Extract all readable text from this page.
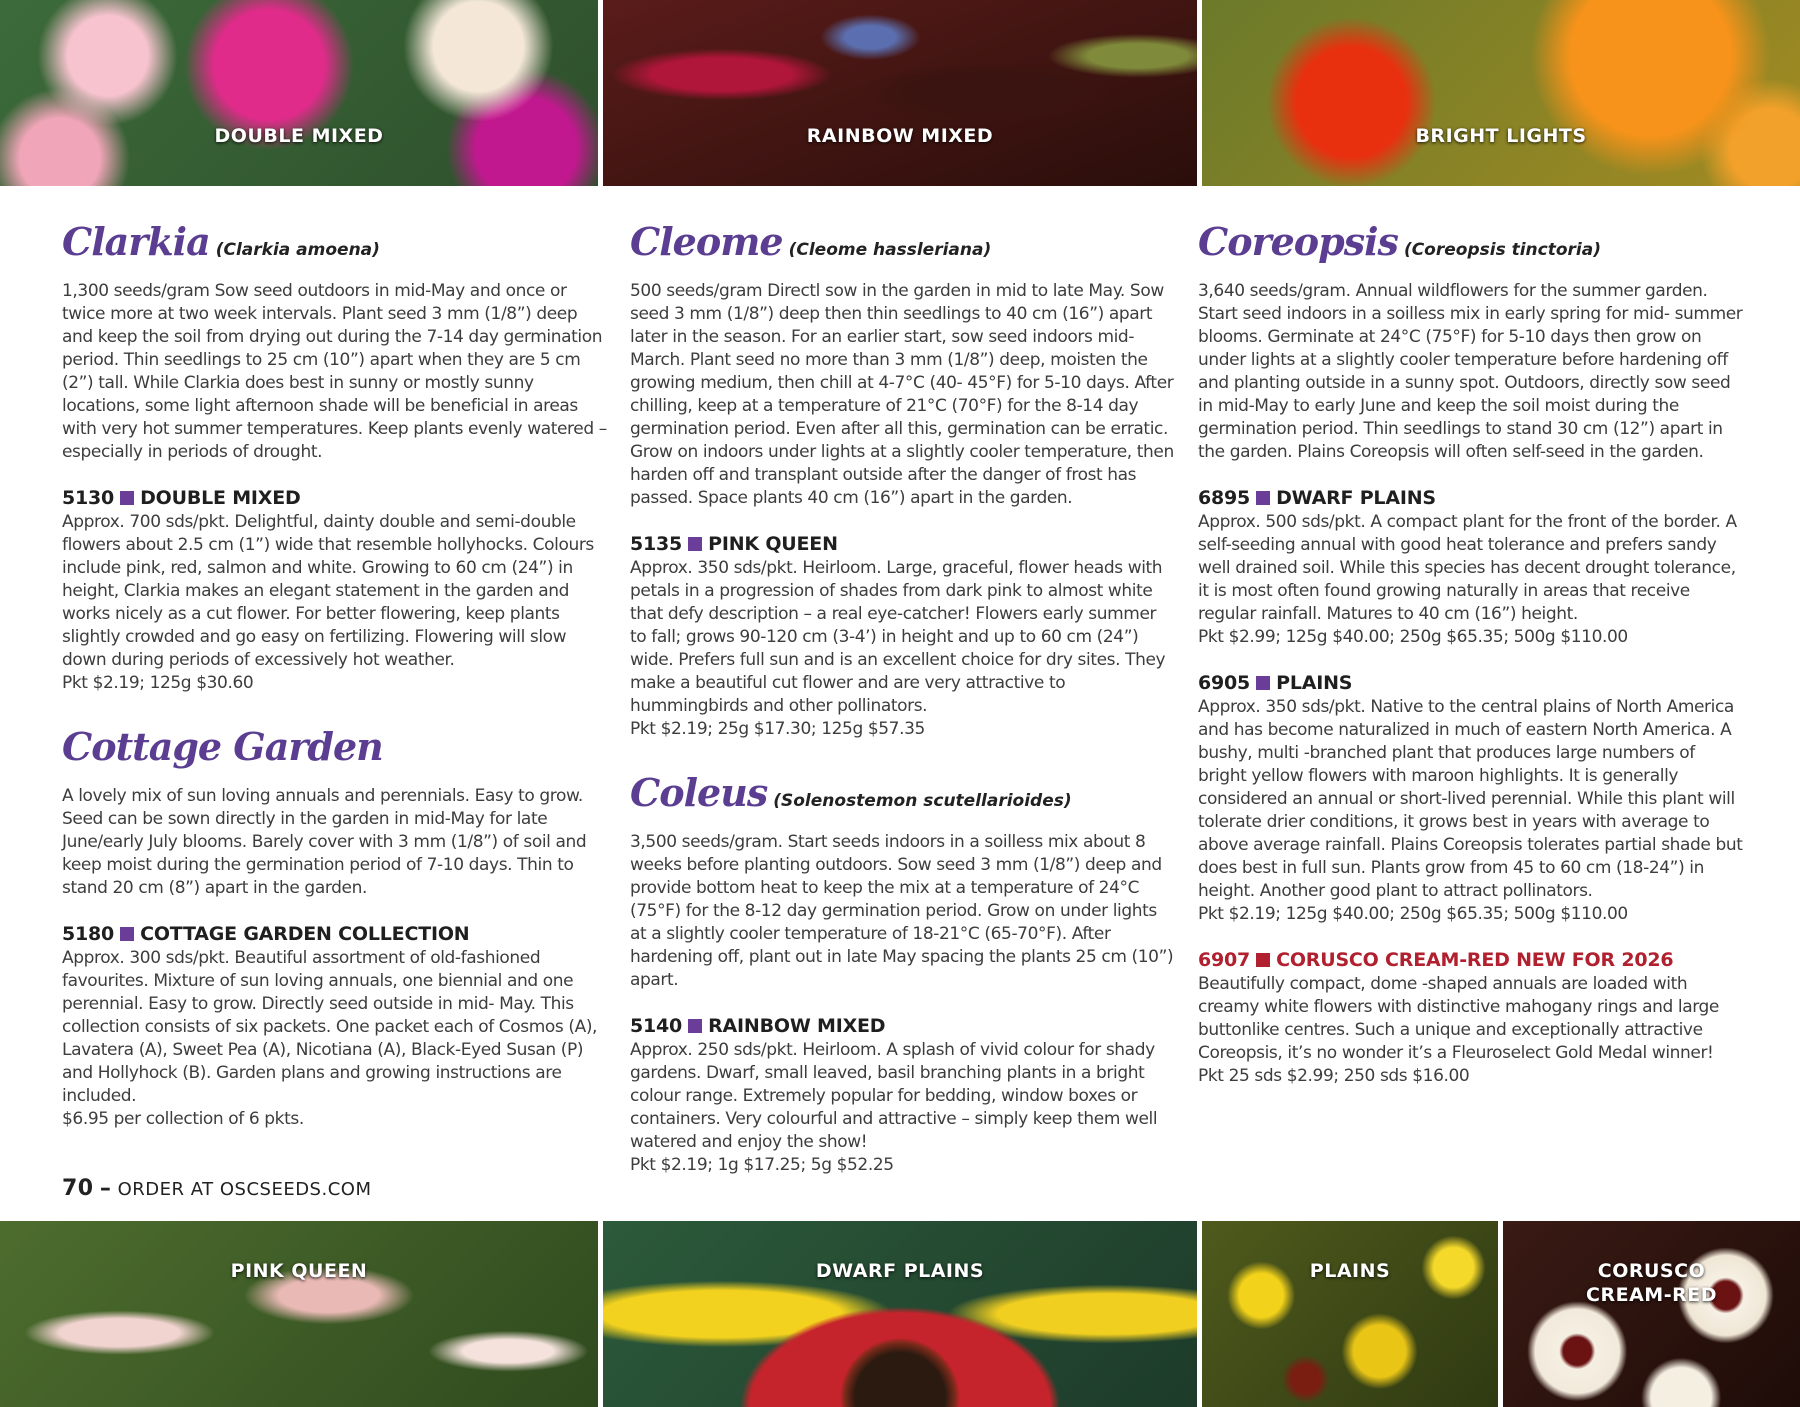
DOUBLE MIXED	RAINBOW MIXED	BRIGHT LIGHTS
Clarkia (Clarkia amoena)

1,300 seeds/gram Sow seed outdoors in mid-May and once or twice more at two week intervals. Plant seed 3 mm (1/8”) deep and keep the soil from drying out during the 7-14 day germination period. Thin seedlings to 25 cm (10”) apart when they are 5 cm (2”) tall. While Clarkia does best in sunny or mostly sunny locations, some light afternoon shade will be beneficial in areas with very hot summer temperatures. Keep plants evenly watered – especially in periods of drought.

5130 DOUBLE MIXED

Approx. 700 sds/pkt. Delightful, dainty double and semi-double flowers about 2.5 cm (1”) wide that resemble hollyhocks. Colours include pink, red, salmon and white. Growing to 60 cm (24”) in height, Clarkia makes an elegant statement in the garden and works nicely as a cut flower. For better flowering, keep plants slightly crowded and go easy on fertilizing. Flowering will slow down during periods of excessively hot weather.

Pkt $2.19; 125g $30.60

Cottage Garden

A lovely mix of sun loving annuals and perennials. Easy to grow. Seed can be sown directly in the garden in mid-May for late June/early July blooms. Barely cover with 3 mm (1/8”) of soil and keep moist during the germination period of 7-10 days. Thin to stand 20 cm (8”) apart in the garden.

5180 COTTAGE GARDEN COLLECTION

Approx. 300 sds/pkt. Beautiful assortment of old-fashioned favourites. Mixture of sun loving annuals, one biennial and one perennial. Easy to grow. Directly seed outside in mid- May. This collection consists of six packets. One packet each of Cosmos (A), Lavatera (A), Sweet Pea (A), Nicotiana (A), Black-Eyed Susan (P) and Hollyhock (B). Garden plans and growing instructions are included.

$6.95 per collection of 6 pkts.

Cleome (Cleome hassleriana)

500 seeds/gram Directl sow in the garden in mid to late May. Sow seed 3 mm (1/8”) deep then thin seedlings to 40 cm (16”) apart later in the season. For an earlier start, sow seed indoors mid-March. Plant seed no more than 3 mm (1/8”) deep, moisten the growing medium, then chill at 4-7°C (40- 45°F) for 5-10 days. After chilling, keep at a temperature of 21°C (70°F) for the 8-14 day germination period. Even after all this, germination can be erratic. Grow on indoors under lights at a slightly cooler temperature, then harden off and transplant outside after the danger of frost has passed. Space plants 40 cm (16”) apart in the garden.

5135 PINK QUEEN

Approx. 350 sds/pkt. Heirloom. Large, graceful, flower heads with petals in a progression of shades from dark pink to almost white that defy description – a real eye-catcher! Flowers early summer to fall; grows 90-120 cm (3-4’) in height and up to 60 cm (24”) wide. Prefers full sun and is an excellent choice for dry sites. They make a beautiful cut flower and are very attractive to hummingbirds and other pollinators.

Pkt $2.19; 25g $17.30; 125g $57.35

Coleus (Solenostemon scutellarioides)

3,500 seeds/gram. Start seeds indoors in a soilless mix about 8 weeks before planting outdoors. Sow seed 3 mm (1/8”) deep and provide bottom heat to keep the mix at a temperature of 24°C (75°F) for the 8-12 day germination period. Grow on under lights at a slightly cooler temperature of 18-21°C (65-70°F). After hardening off, plant out in late May spacing the plants 25 cm (10”) apart.

5140 RAINBOW MIXED

Approx. 250 sds/pkt. Heirloom. A splash of vivid colour for shady gardens. Dwarf, small leaved, basil branching plants in a bright colour range. Extremely popular for bedding, window boxes or containers. Very colourful and attractive – simply keep them well watered and enjoy the show!

Pkt $2.19; 1g $17.25; 5g $52.25

Coreopsis (Coreopsis tinctoria)

3,640 seeds/gram. Annual wildflowers for the summer garden. Start seed indoors in a soilless mix in early spring for mid- summer blooms. Germinate at 24°C (75°F) for 5-10 days then grow on under lights at a slightly cooler temperature before hardening off and planting outside in a sunny spot. Outdoors, directly sow seed in mid-May to early June and keep the soil moist during the germination period. Thin seedlings to stand 30 cm (12”) apart in the garden. Plains Coreopsis will often self-seed in the garden.

6895 DWARF PLAINS

Approx. 500 sds/pkt. A compact plant for the front of the border. A self-seeding annual with good heat tolerance and prefers sandy well drained soil. While this species has decent drought tolerance, it is most often found growing naturally in areas that receive regular rainfall. Matures to 40 cm (16”) height.

Pkt $2.99; 125g $40.00; 250g $65.35; 500g $110.00

6905 PLAINS

Approx. 350 sds/pkt. Native to the central plains of North America and has become naturalized in much of eastern North America. A bushy, multi -branched plant that produces large numbers of bright yellow flowers with maroon highlights. It is generally considered an annual or short-lived perennial. While this plant will tolerate drier conditions, it grows best in years with average to above average rainfall. Plains Coreopsis tolerates partial shade but does best in full sun. Plants grow from 45 to 60 cm (18-24”) in height. Another good plant to attract pollinators.

Pkt $2.19; 125g $40.00; 250g $65.35; 500g $110.00

6907 CORUSCO CREAM-RED NEW FOR 2026

Beautifully compact, dome -shaped annuals are loaded with creamy white flowers with distinctive mahogany rings and large buttonlike centres. Such a unique and exceptionally attractive Coreopsis, it’s no wonder it’s a Fleuroselect Gold Medal winner!

Pkt 25 sds $2.99; 250 sds $16.00

70 – ORDER AT OSCSEEDS.COM
PINK QUEEN	DWARF PLAINS	PLAINS	CORUSCO
CREAM-RED
